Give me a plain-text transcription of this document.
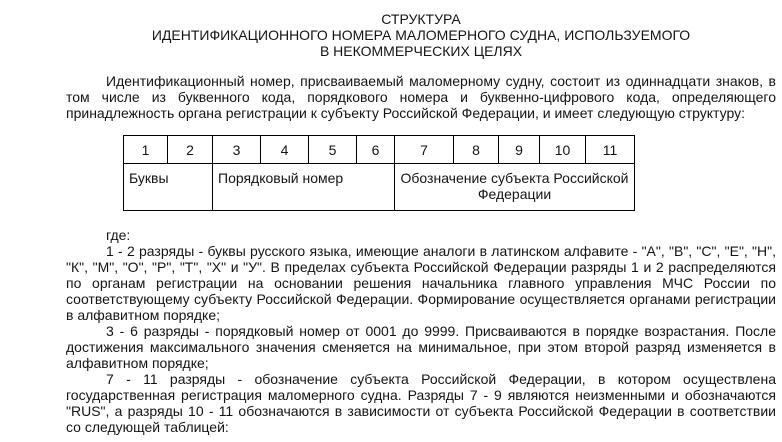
СТРУКТУРА
ИДЕНТИФИКАЦИОННОГО НОМЕРА МАЛОМЕРНОГО СУДНА, ИСПОЛЬЗУЕМОГО
В НЕКОММЕРЧЕСКИХ ЦЕЛЯХ

Идентификационный номер, присваиваемый маломерному судну, состоит из одиннадцати знаков, в том числе из буквенного кода, порядкового номера и буквенно-цифрового кода, определяющего принадлежность органа регистрации к субъекту Российской Федерации, и имеет следующую структуру:

1	2	3	4	5	6	7	8	9	10	11
Буквы		Порядковый номер				Обозначение субъекта Российской Федерации				

где:

1 - 2 разряды - буквы русского языка, имеющие аналоги в латинском алфавите - "А", "В", "С", "Е", "Н", "К", "М", "О", "Р", "Т", "Х" и "У". В пределах субъекта Российской Федерации разряды 1 и 2 распределяются по органам регистрации на основании решения начальника главного управления МЧС России по соответствующему субъекту Российской Федерации. Формирование осуществляется органами регистрации в алфавитном порядке;

3 - 6 разряды - порядковый номер от 0001 до 9999. Присваиваются в порядке возрастания. После достижения максимального значения сменяется на минимальное, при этом второй разряд изменяется в алфавитном порядке;

7 - 11 разряды - обозначение субъекта Российской Федерации, в котором осуществлена государственная регистрация маломерного судна. Разряды 7 - 9 являются неизменными и обозначаются "RUS", а разряды 10 - 11 обозначаются в зависимости от субъекта Российской Федерации в соответствии со следующей таблицей:
